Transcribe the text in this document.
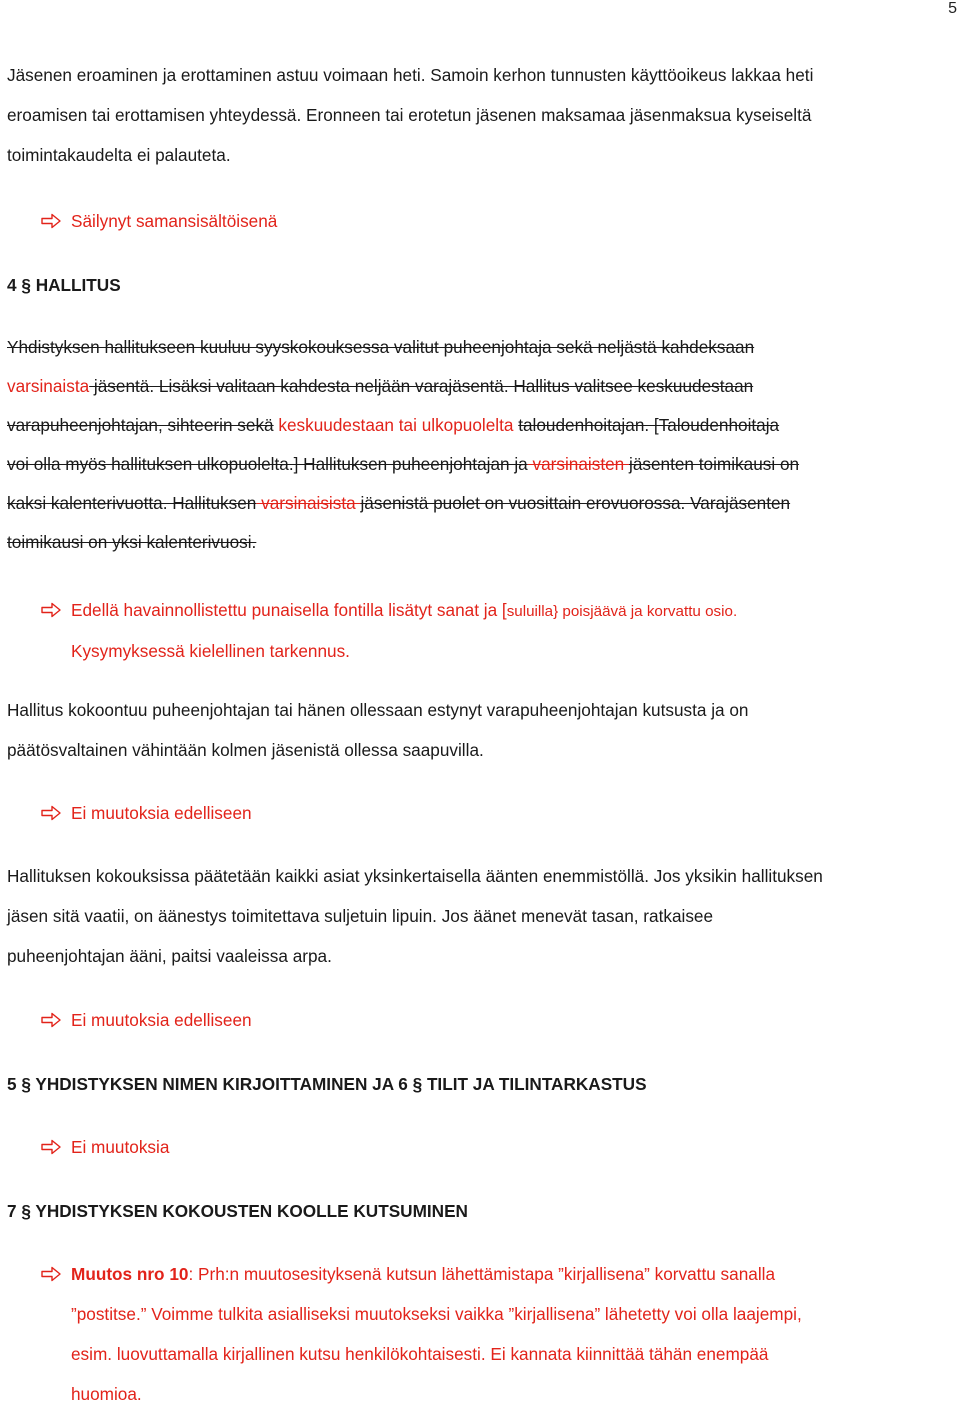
5

Jäsenen eroaminen ja erottaminen astuu voimaan heti. Samoin kerhon tunnusten käyttöoikeus lakkaa heti

eroamisen tai erottamisen yhteydessä. Eronneen tai erotetun jäsenen maksamaa jäsenmaksua kyseiseltä

toimintakaudelta ei palauteta.

Säilynyt samansisältöisenä

4 § HALLITUS

Yhdistyksen hallitukseen kuuluu syyskokouksessa valitut puheenjohtaja sekä neljästä kahdeksaan

varsinaista jäsentä. Lisäksi valitaan kahdesta neljään varajäsentä. Hallitus valitsee keskuudestaan

varapuheenjohtajan, sihteerin sekä keskuudestaan tai ulkopuolelta taloudenhoitajan. [Taloudenhoitaja

voi olla myös hallituksen ulkopuolelta.] Hallituksen puheenjohtajan ja varsinaisten jäsenten toimikausi on

kaksi kalenterivuotta. Hallituksen varsinaisista jäsenistä puolet on vuosittain erovuorossa. Varajäsenten

toimikausi on yksi kalenterivuosi.

Edellä havainnollistettu punaisella fontilla lisätyt sanat ja [suluilla} poisjäävä ja korvattu osio.
Kysymyksessä kielellinen tarkennus.

Hallitus kokoontuu puheenjohtajan tai hänen ollessaan estynyt varapuheenjohtajan kutsusta ja on

päätösvaltainen vähintään kolmen jäsenistä ollessa saapuvilla.

Ei muutoksia edelliseen

Hallituksen kokouksissa päätetään kaikki asiat yksinkertaisella äänten enemmistöllä. Jos yksikin hallituksen

jäsen sitä vaatii, on äänestys toimitettava suljetuin lipuin. Jos äänet menevät tasan, ratkaisee

puheenjohtajan ääni, paitsi vaaleissa arpa.

Ei muutoksia edelliseen

5 § YHDISTYKSEN NIMEN KIRJOITTAMINEN JA 6 § TILIT JA TILINTARKASTUS

Ei muutoksia

7 § YHDISTYKSEN KOKOUSTEN KOOLLE KUTSUMINEN

Muutos nro 10: Prh:n muutosesityksenä kutsun lähettämistapa ”kirjallisena” korvattu sanalla
”postitse.” Voimme tulkita asialliseksi muutokseksi vaikka ”kirjallisena” lähetetty voi olla laajempi,
esim. luovuttamalla kirjallinen kutsu henkilökohtaisesti. Ei kannata kiinnittää tähän enempää
huomioa.
